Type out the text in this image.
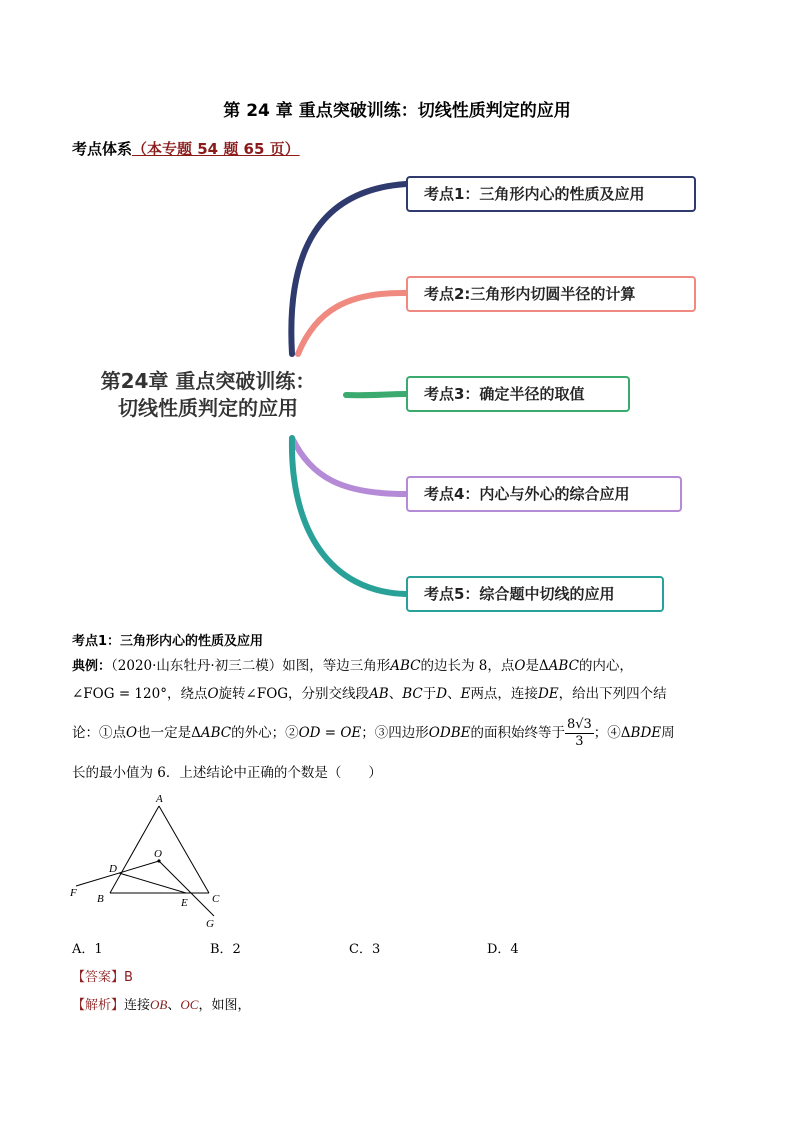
第 24 章 重点突破训练：切线性质判定的应用
考点体系（本专题 54 题 65 页）
第24章 重点突破训练：
切线性质判定的应用
考点1：三角形内心的性质及应用
考点2:三角形内切圆半径的计算
考点3：确定半径的取值
考点4：内心与外心的综合应用
考点5：综合题中切线的应用
考点1：三角形内心的性质及应用
典例：（2020·山东牡丹·初三二模）如图，等边三角形ABC的边长为 8，点O是ΔABC的内心，
∠FOG = 120°，绕点O旋转∠FOG，分别交线段AB、BC于D、E两点，连接DE，给出下列四个结
论：①点O也一定是ΔABC的外心；②OD = OE；③四边形ODBE的面积始终等于 $\frac{8√3}{3}$ ；④ΔBDE周
长的最小值为 6．上述结论中正确的个数是（　　）
A
O
D
F B	E C
G
A．1	B．2	C．3	D．4
【答案】B
【解析】连接OB、OC，如图，
